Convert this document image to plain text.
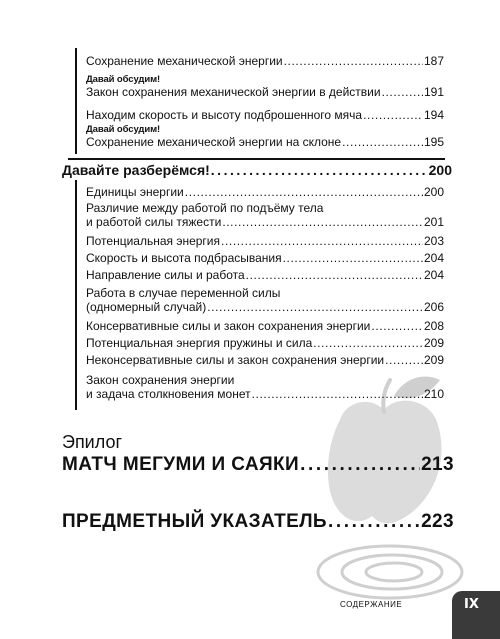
Сохранение механической энергии .....	187
Давай обсудим!
Закон сохранения механической энергии в действии .....	191
Находим скорость и высоту подброшенного мяча .....	194
Давай обсудим!
Сохранение механической энергии на склоне .....	195
Давайте разберёмся! .....	200
Единицы энергии .....	200
Различие между работой по подъёму тела
и работой силы тяжести .....	201
Потенциальная энергия .....	203
Скорость и высота подбрасывания .....	204
Направление силы и работа .....	204
Работа в случае переменной силы
(одномерный случай) .....	206
Консервативные силы и закон сохранения энергии .....	208
Потенциальная энергия пружины и сила .....	209
Неконсервативные силы и закон сохранения энергии .....	209
Закон сохранения энергии
и задача столкновения монет .....	210
Эпилог
МАТЧ МЕГУМИ И САЯКИ .....	213
ПРЕДМЕТНЫЙ УКАЗАТЕЛЬ .....	223
СОДЕРЖАНИЕ	IX
